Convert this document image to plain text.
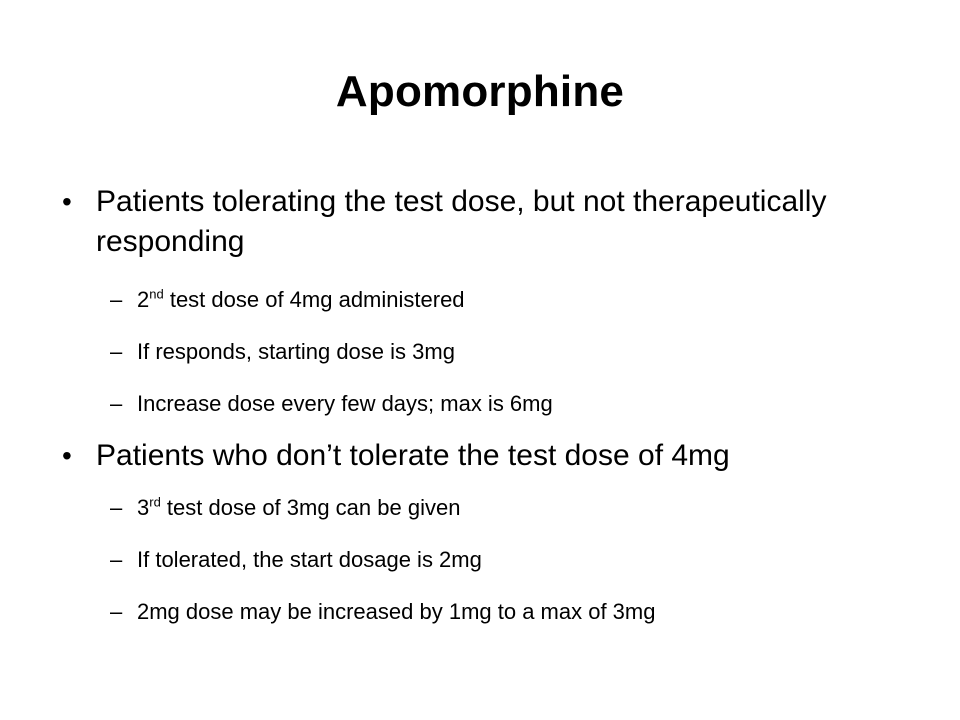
Apomorphine
• Patients tolerating the test dose, but not therapeutically responding
– 2nd test dose of 4mg administered
– If responds, starting dose is 3mg
– Increase dose every few days; max is 6mg
• Patients who don’t tolerate the test dose of 4mg
– 3rd test dose of 3mg can be given
– If tolerated, the start dosage is 2mg
– 2mg dose may be increased by 1mg to a max of 3mg
